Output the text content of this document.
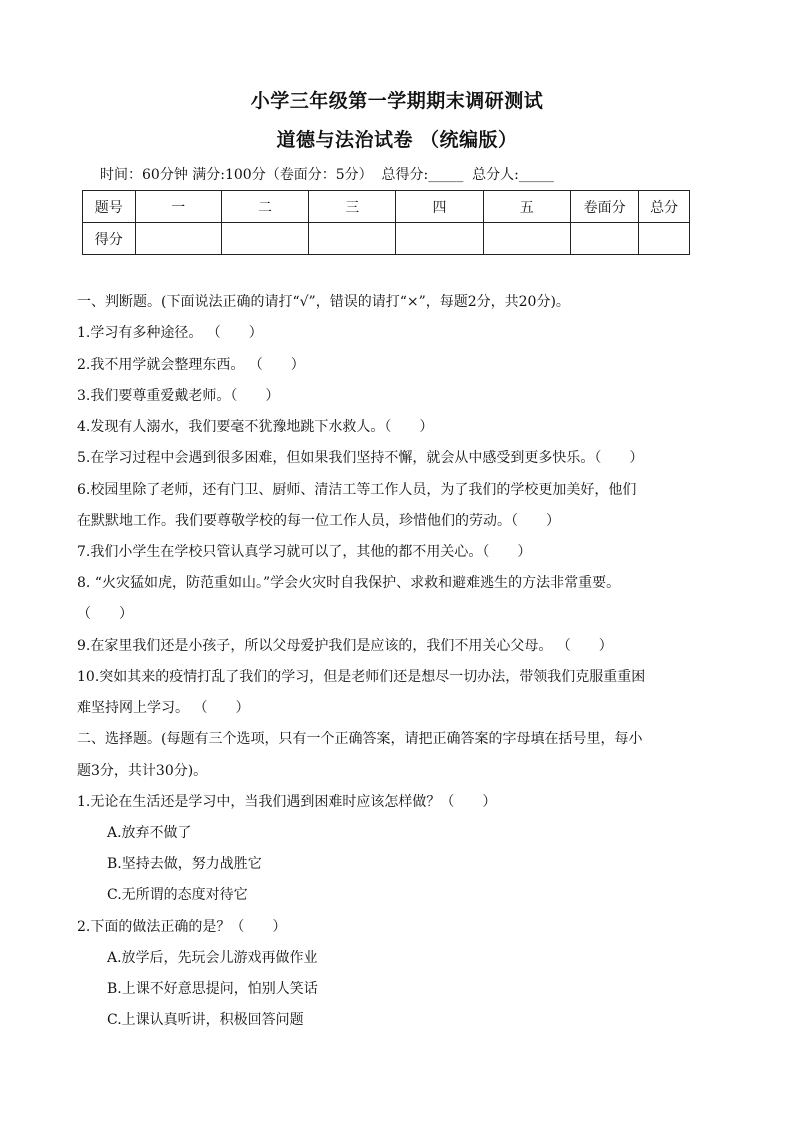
小学三年级第一学期期末调研测试
道德与法治试卷 （统编版）
时间：60分钟 满分:100分（卷面分：5分）  总得分:_____  总分人:_____
题号	一	二	三	四	五	卷面分	总分
得分							
一、判断题。(下面说法正确的请打“√”，错误的请打“×”，每题2分，共20分)。
1.学习有多种途径。 （　　）
2.我不用学就会整理东西。 （　　）
3.我们要尊重爱戴老师。（　　）
4.发现有人溺水，我们要毫不犹豫地跳下水救人。（　　）
5.在学习过程中会遇到很多困难，但如果我们坚持不懈，就会从中感受到更多快乐。（　　）
6.校园里除了老师，还有门卫、厨师、清洁工等工作人员，为了我们的学校更加美好，他们
在默默地工作。我们要尊敬学校的每一位工作人员，珍惜他们的劳动。（　　）
7.我们小学生在学校只管认真学习就可以了，其他的都不用关心。（　　）
8. “火灾猛如虎，防范重如山。”学会火灾时自我保护、求救和避难逃生的方法非常重要。
（　　）
9.在家里我们还是小孩子，所以父母爱护我们是应该的，我们不用关心父母。 （　　）
10.突如其来的疫情打乱了我们的学习，但是老师们还是想尽一切办法，带领我们克服重重困
难坚持网上学习。 （　　）
二、选择题。(每题有三个选项，只有一个正确答案，请把正确答案的字母填在括号里，每小
题3分，共计30分)。
1.无论在生活还是学习中，当我们遇到困难时应该怎样做？（　　）
A.放弃不做了
B.坚持去做，努力战胜它
C.无所谓的态度对待它
2.下面的做法正确的是？（　　）
A.放学后，先玩会儿游戏再做作业
B.上课不好意思提问，怕别人笑话
C.上课认真听讲，积极回答问题
